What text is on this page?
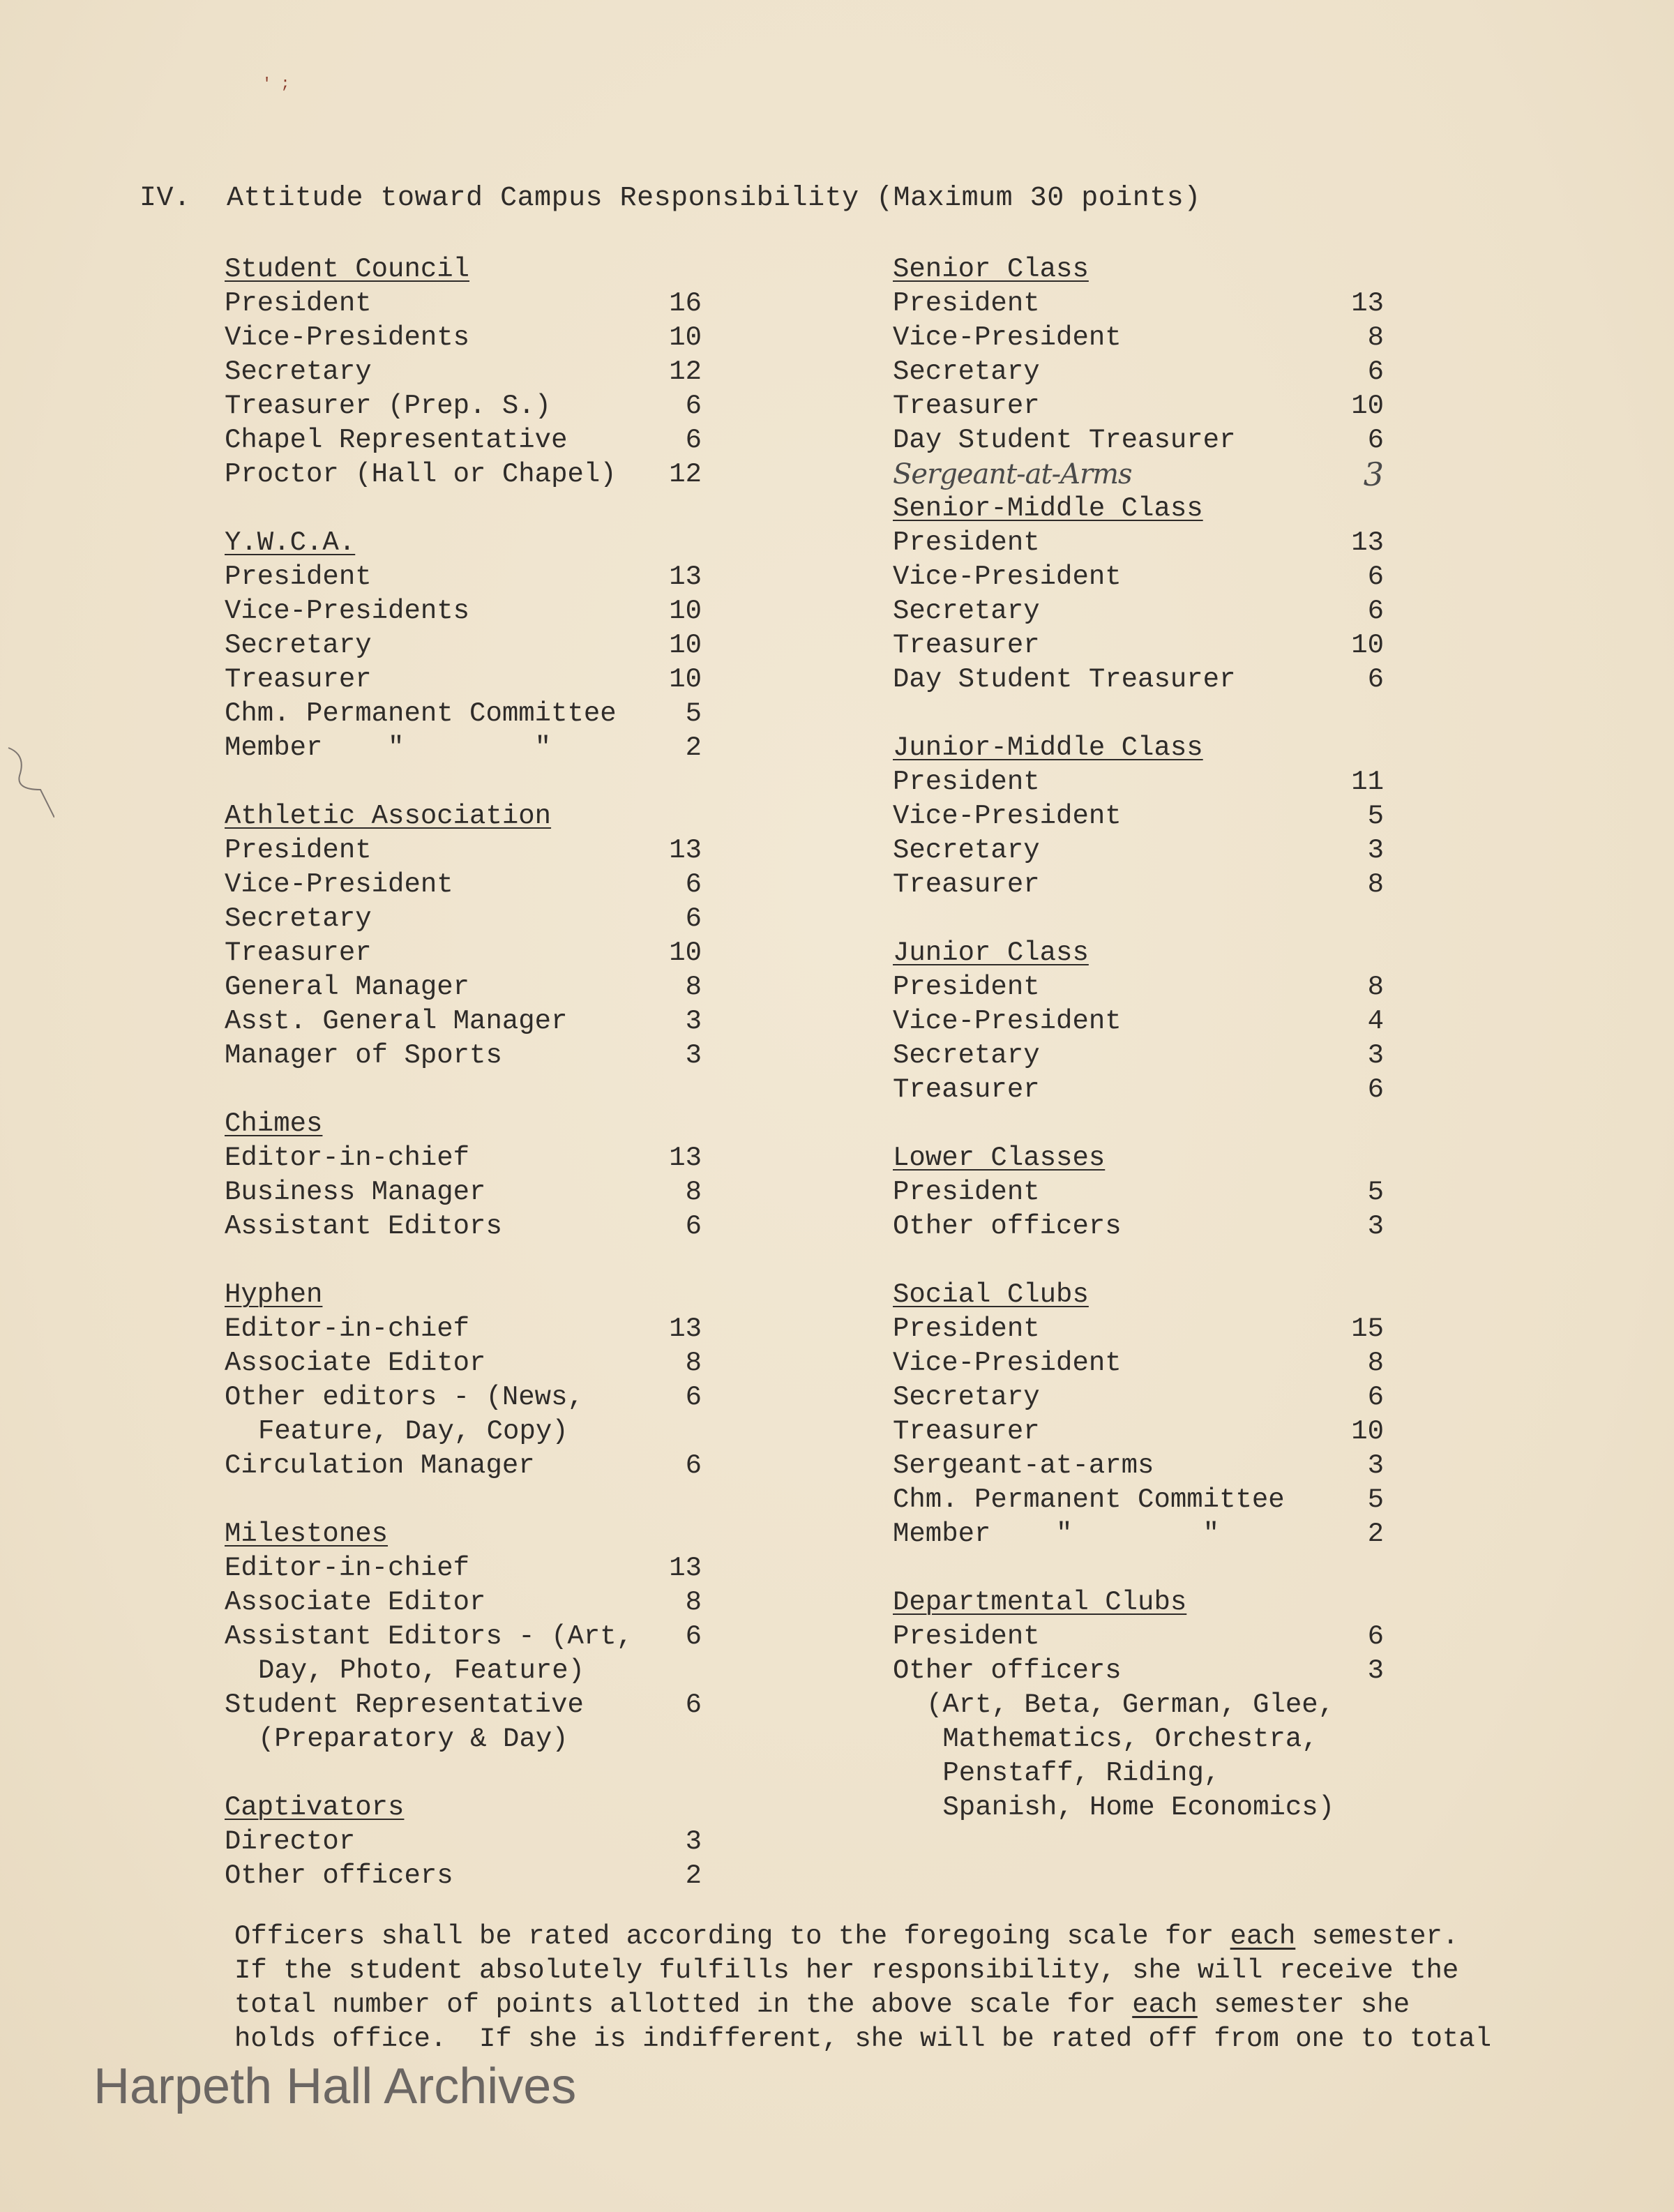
' ;
IV. Attitude toward Campus Responsibility (Maximum 30 points)
Student Council
President	16
Vice-Presidents	10
Secretary	12
Treasurer (Prep. S.)	6
Chapel Representative	6
Proctor (Hall or Chapel) 12
Y.W.C.A.
President	13
Vice-Presidents	10
Secretary	10
Treasurer	10
Chm. Permanent Committee	5
Member    "        "	2
Athletic Association
President	13
Vice-President	6
Secretary	6
Treasurer	10
General Manager	8
Asst. General Manager	3
Manager of Sports	3
Chimes
Editor-in-chief	13
Business Manager	8
Assistant Editors	6
Hyphen
Editor-in-chief	13
Associate Editor	8
Other editors - (News,	6
Feature, Day, Copy)
Circulation Manager	6
Milestones
Editor-in-chief	13
Associate Editor	8
Assistant Editors - (Art, 6
Day, Photo, Feature)
Student Representative	6
(Preparatory & Day)
Captivators
Director	3
Other officers	2
Senior Class
President	13
Vice-President	8
Secretary	6
Treasurer	10
Day Student Treasurer	6
Sergeant-at-Arms	3
Senior-Middle Class
President	13
Vice-President	6
Secretary	6
Treasurer	10
Day Student Treasurer	6
Junior-Middle Class
President	11
Vice-President	5
Secretary	3
Treasurer	8
Junior Class
President	8
Vice-President	4
Secretary	3
Treasurer	6
Lower Classes
President	5
Other officers	3
Social Clubs
President	15
Vice-President	8
Secretary	6
Treasurer	10
Sergeant-at-arms	3
Chm. Permanent Committee	5
Member    "        "	2
Departmental Clubs
President	6
Other officers	3
(Art, Beta, German, Glee,
Mathematics, Orchestra,
Penstaff, Riding,
Spanish, Home Economics)
Officers shall be rated according to the foregoing scale for each semester.
If the student absolutely fulfills her responsibility, she will receive the
total number of points allotted in the above scale for each semester she
holds office.  If she is indifferent, she will be rated off from one to total
Harpeth Hall Archives
